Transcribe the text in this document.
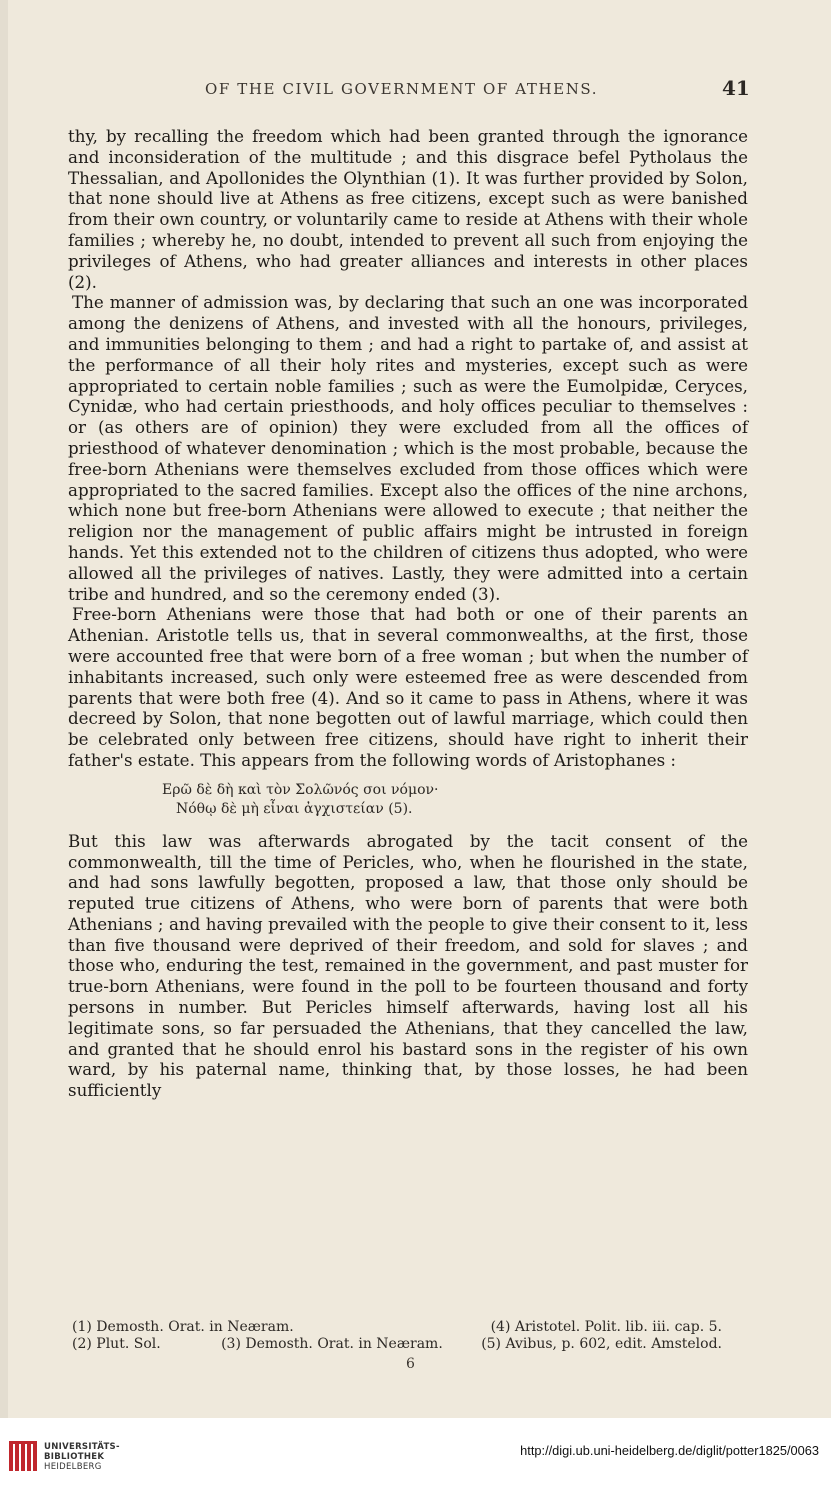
OF THE CIVIL GOVERNMENT OF ATHENS.	41

thy, by recalling the freedom which had been granted through the ignorance and inconsideration of the multitude ; and this disgrace befel Pytholaus the Thessalian, and Apollonides the Olynthian (1). It was further provided by Solon, that none should live at Athens as free citizens, except such as were banished from their own country, or voluntarily came to reside at Athens with their whole families ; whereby he, no doubt, intended to prevent all such from enjoying the privileges of Athens, who had greater alliances and interests in other places (2).

The manner of admission was, by declaring that such an one was incorporated among the denizens of Athens, and invested with all the honours, privileges, and immunities belonging to them ; and had a right to partake of, and assist at the performance of all their holy rites and mysteries, except such as were appropriated to certain noble families ; such as were the Eumolpidæ, Ceryces, Cynidæ, who had certain priesthoods, and holy offices peculiar to themselves : or (as others are of opinion) they were excluded from all the offices of priesthood of whatever denomination ; which is the most probable, because the free-born Athenians were themselves excluded from those offices which were appropriated to the sacred families. Except also the offices of the nine archons, which none but free-born Athenians were allowed to execute ; that neither the religion nor the management of public affairs might be intrusted in foreign hands. Yet this extended not to the children of citizens thus adopted, who were allowed all the privileges of natives. Lastly, they were admitted into a certain tribe and hundred, and so the ceremony ended (3).

Free-born Athenians were those that had both or one of their parents an Athenian. Aristotle tells us, that in several commonwealths, at the first, those were accounted free that were born of a free woman ; but when the number of inhabitants increased, such only were esteemed free as were descended from parents that were both free (4). And so it came to pass in Athens, where it was decreed by Solon, that none begotten out of lawful marriage, which could then be celebrated only between free citizens, should have right to inherit their father's estate. This appears from the following words of Aristophanes :

Ερῶ δὲ δὴ καὶ τὸν Σολῶνός σοι νόμον·
Νόθῳ δὲ μὴ εἶναι ἀγχιστείαν (5).

But this law was afterwards abrogated by the tacit consent of the commonwealth, till the time of Pericles, who, when he flourished in the state, and had sons lawfully begotten, proposed a law, that those only should be reputed true citizens of Athens, who were born of parents that were both Athenians ; and having prevailed with the people to give their consent to it, less than five thousand were deprived of their freedom, and sold for slaves ; and those who, enduring the test, remained in the government, and past muster for true-born Athenians, were found in the poll to be fourteen thousand and forty persons in number. But Pericles himself afterwards, having lost all his legitimate sons, so far persuaded the Athenians, that they cancelled the law, and granted that he should enrol his bastard sons in the register of his own ward, by his paternal name, thinking that, by those losses, he had been sufficiently

(1) Demosth. Orat. in Neæram.	(4) Aristotel. Polit. lib. iii. cap. 5.
(2) Plut. Sol.	(3) Demosth. Orat. in Neæram.	(5) Avibus, p. 602, edit. Amstelod.
6
UNIVERSITÄTS-
BIBLIOTHEK
HEIDELBERG
http://digi.ub.uni-heidelberg.de/diglit/potter1825/0063
